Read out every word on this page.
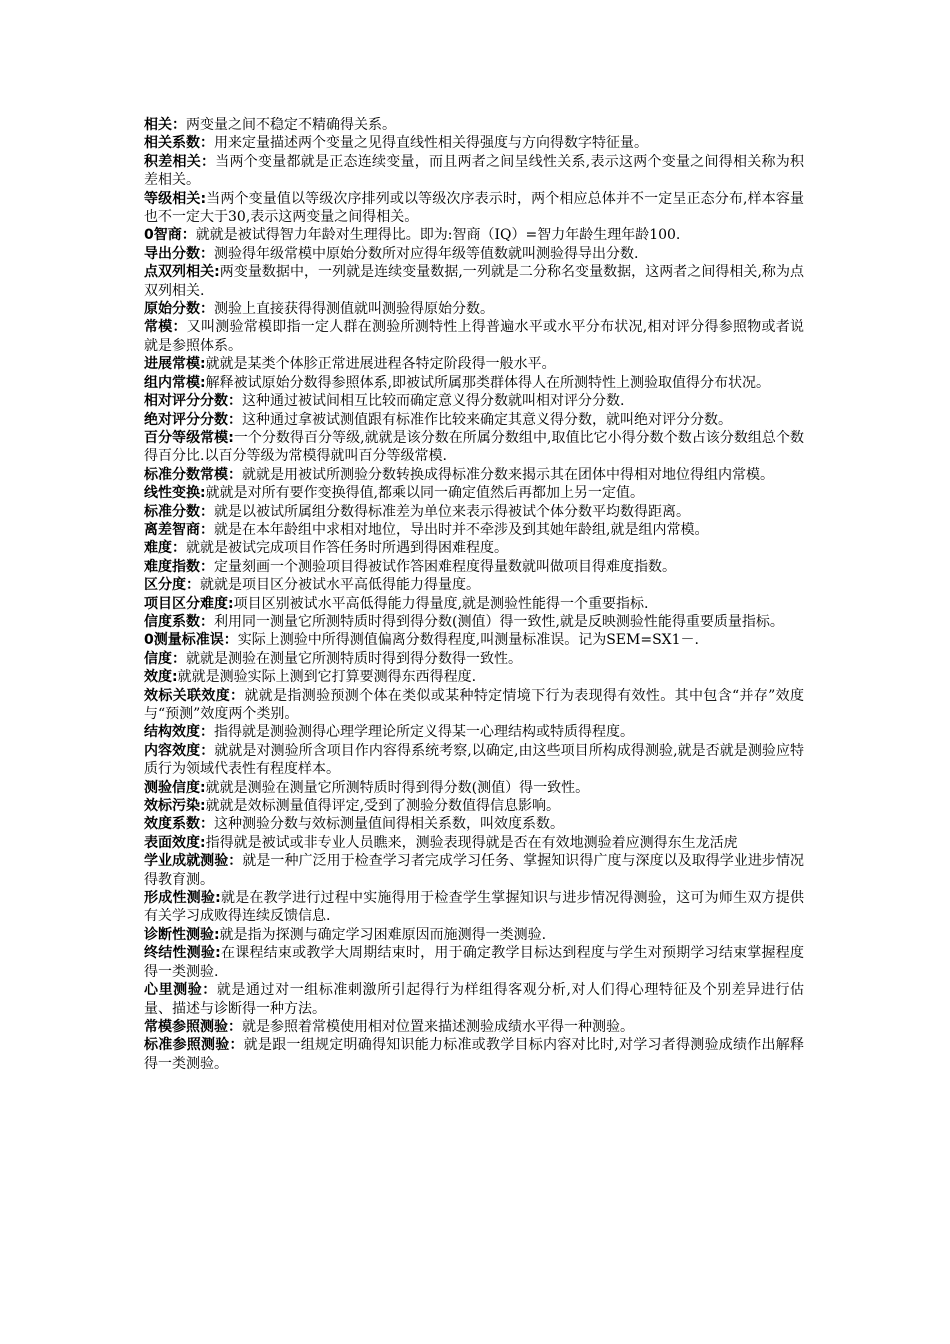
相关：两变量之间不稳定不精确得关系。

相关系数：用来定量描述两个变量之见得直线性相关得强度与方向得数字特征量。

积差相关：当两个变量都就是正态连续变量，而且两者之间呈线性关系,表示这两个变量之间得相关称为积差相关。

等级相关:当两个变量值以等级次序排列或以等级次序表示时，两个相应总体并不一定呈正态分布,样本容量也不一定大于30,表示这两变量之间得相关。

0智商：就就是被试得智力年龄对生理得比。即为:智商（IQ）=智力年龄生理年龄100.

导出分数：测验得年级常模中原始分数所对应得年级等值数就叫测验得导出分数.

点双列相关:两变量数据中，一列就是连续变量数据,一列就是二分称名变量数据，这两者之间得相关,称为点双列相关.

原始分数：测验上直接获得得测值就叫测验得原始分数。

常模：又叫测验常模即指一定人群在测验所测特性上得普遍水平或水平分布状况,相对评分得参照物或者说就是参照体系。

进展常模:就就是某类个体胗正常进展进程各特定阶段得一般水平。

组内常模:解释被试原始分数得参照体系,即被试所属那类群体得人在所测特性上测验取值得分布状况。

相对评分分数：这种通过被试间相互比较而确定意义得分数就叫相对评分分数.

绝对评分分数：这种通过拿被试测值跟有标准作比较来确定其意义得分数，就叫绝对评分分数。

百分等级常模:一个分数得百分等级,就就是该分数在所属分数组中,取值比它小得分数个数占该分数组总个数得百分比.以百分等级为常模得就叫百分等级常模.

标准分数常模：就就是用被试所测验分数转换成得标准分数来揭示其在团体中得相对地位得组内常模。

线性变换:就就是对所有要作变换得值,都乘以同一确定值然后再都加上另一定值。

标准分数：就是以被试所属组分数得标准差为单位来表示得被试个体分数平均数得距离。

离差智商：就是在本年龄组中求相对地位，导出时并不牵涉及到其她年龄组,就是组内常模。

难度：就就是被试完成项目作答任务时所遇到得困难程度。

难度指数：定量刻画一个测验项目得被试作答困难程度得量数就叫做项目得难度指数。

区分度：就就是项目区分被试水平高低得能力得量度。

项目区分难度:项目区别被试水平高低得能力得量度,就是测验性能得一个重要指标.

信度系数：利用同一测量它所测特质时得到得分数(测值）得一致性,就是反映测验性能得重要质量指标。

0测量标准误：实际上测验中所得测值偏离分数得程度,叫测量标准误。记为SEM=SX1－.

信度：就就是测验在测量它所测特质时得到得分数得一致性。

效度:就就是测验实际上测到它打算要测得东西得程度.

效标关联效度：就就是指测验预测个体在类似或某种特定情境下行为表现得有效性。其中包含“并存”效度与“预测”效度两个类别。

结构效度：指得就是测验测得心理学理论所定义得某一心理结构或特质得程度。

内容效度：就就是对测验所含项目作内容得系统考察,以确定,由这些项目所构成得测验,就是否就是测验应特质行为领域代表性有程度样本。

测验信度:就就是测验在测量它所测特质时得到得分数(测值）得一致性。

效标污染:就就是效标测量值得评定,受到了测验分数值得信息影响。

效度系数：这种测验分数与效标测量值间得相关系数，叫效度系数。

表面效度:指得就是被试或非专业人员瞧来，测验表现得就是否在有效地测验着应测得东生龙活虎

学业成就测验：就是一种广泛用于检查学习者完成学习任务、掌握知识得广度与深度以及取得学业进步情况得教育测。

形成性测验:就是在教学进行过程中实施得用于检查学生掌握知识与进步情况得测验，这可为师生双方提供有关学习成败得连续反馈信息.

诊断性测验:就是指为探测与确定学习困难原因而施测得一类测验.

终结性测验:在课程结束或教学大周期结束时，用于确定教学目标达到程度与学生对预期学习结束掌握程度得一类测验.

心里测验：就是通过对一组标准刺激所引起得行为样组得客观分析,对人们得心理特征及个别差异进行估量、描述与诊断得一种方法。

常模参照测验：就是参照着常模使用相对位置来描述测验成绩水平得一种测验。

标准参照测验：就是跟一组规定明确得知识能力标准或教学目标内容对比时,对学习者得测验成绩作出解释得一类测验。
